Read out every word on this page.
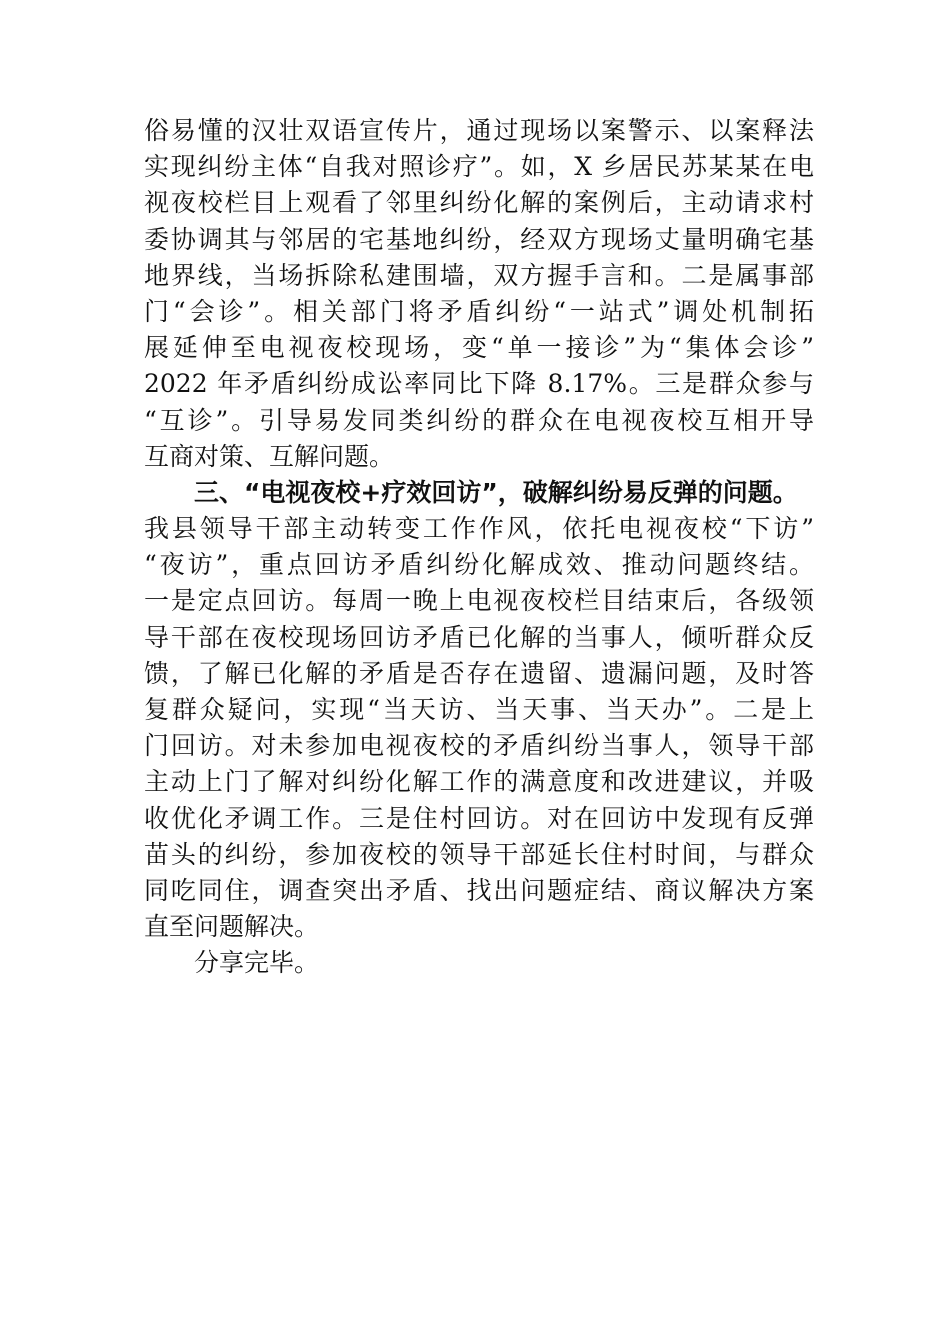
俗易懂的汉壮双语宣传片，通过现场以案警示、以案释法
实现纠纷主体“自我对照诊疗”。如，X 乡居民苏某某在电
视夜校栏目上观看了邻里纠纷化解的案例后，主动请求村
委协调其与邻居的宅基地纠纷，经双方现场丈量明确宅基
地界线，当场拆除私建围墙，双方握手言和。二是属事部
门“会诊”。相关部门将矛盾纠纷“一站式”调处机制拓
展延伸至电视夜校现场，变“单一接诊”为“集体会诊”
2022 年矛盾纠纷成讼率同比下降 8.17%。三是群众参与
“互诊”。引导易发同类纠纷的群众在电视夜校互相开导
互商对策、互解问题。
三、“电视夜校+疗效回访”，破解纠纷易反弹的问题。
我县领导干部主动转变工作作风，依托电视夜校“下访”
“夜访”，重点回访矛盾纠纷化解成效、推动问题终结。
一是定点回访。每周一晚上电视夜校栏目结束后，各级领
导干部在夜校现场回访矛盾已化解的当事人，倾听群众反
馈，了解已化解的矛盾是否存在遗留、遗漏问题，及时答
复群众疑问，实现“当天访、当天事、当天办”。二是上
门回访。对未参加电视夜校的矛盾纠纷当事人，领导干部
主动上门了解对纠纷化解工作的满意度和改进建议，并吸
收优化矛调工作。三是住村回访。对在回访中发现有反弹
苗头的纠纷，参加夜校的领导干部延长住村时间，与群众
同吃同住，调查突出矛盾、找出问题症结、商议解决方案
直至问题解决。
分享完毕。
